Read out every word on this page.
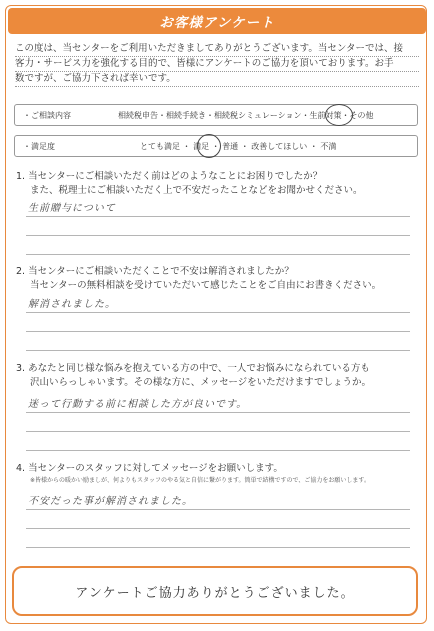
お客様アンケート
この度は、当センターをご利用いただきましてありがとうございます。当センターでは、接
客力・サービス力を強化する目的で、皆様にアンケートのご協力を頂いております。お手
数ですが、ご協力下されば幸いです。
・ご相談内容	相続税申告・相続手続き・相続税シミュレーション・生前対策・その他
・満足度	とても満足 ・ 満足 ・ 普通 ・ 改善してほしい ・ 不満
1. 当センターにご相談いただく前はどのようなことにお困りでしたか？
また、税理士にご相談いただく上で不安だったことなどをお聞かせください。
生前贈与について
2. 当センターにご相談いただくことで不安は解消されましたか？
当センターの無料相談を受けていただいて感じたことをご自由にお書きください。
解消されました。
3. あなたと同じ様な悩みを抱えている方の中で、一人でお悩みになられている方も
沢山いらっしゃいます。その様な方に、メッセージをいただけますでしょうか。
迷って行動する前に相談した方が良いです。
4. 当センターのスタッフに対してメッセージをお願いします。
※皆様からの暖かい励ましが、何よりもスタッフのやる気と自信に繋がります。簡単で結構ですので、ご協力をお願いします。
不安だった事が解消されました。
アンケートご協力ありがとうございました。
